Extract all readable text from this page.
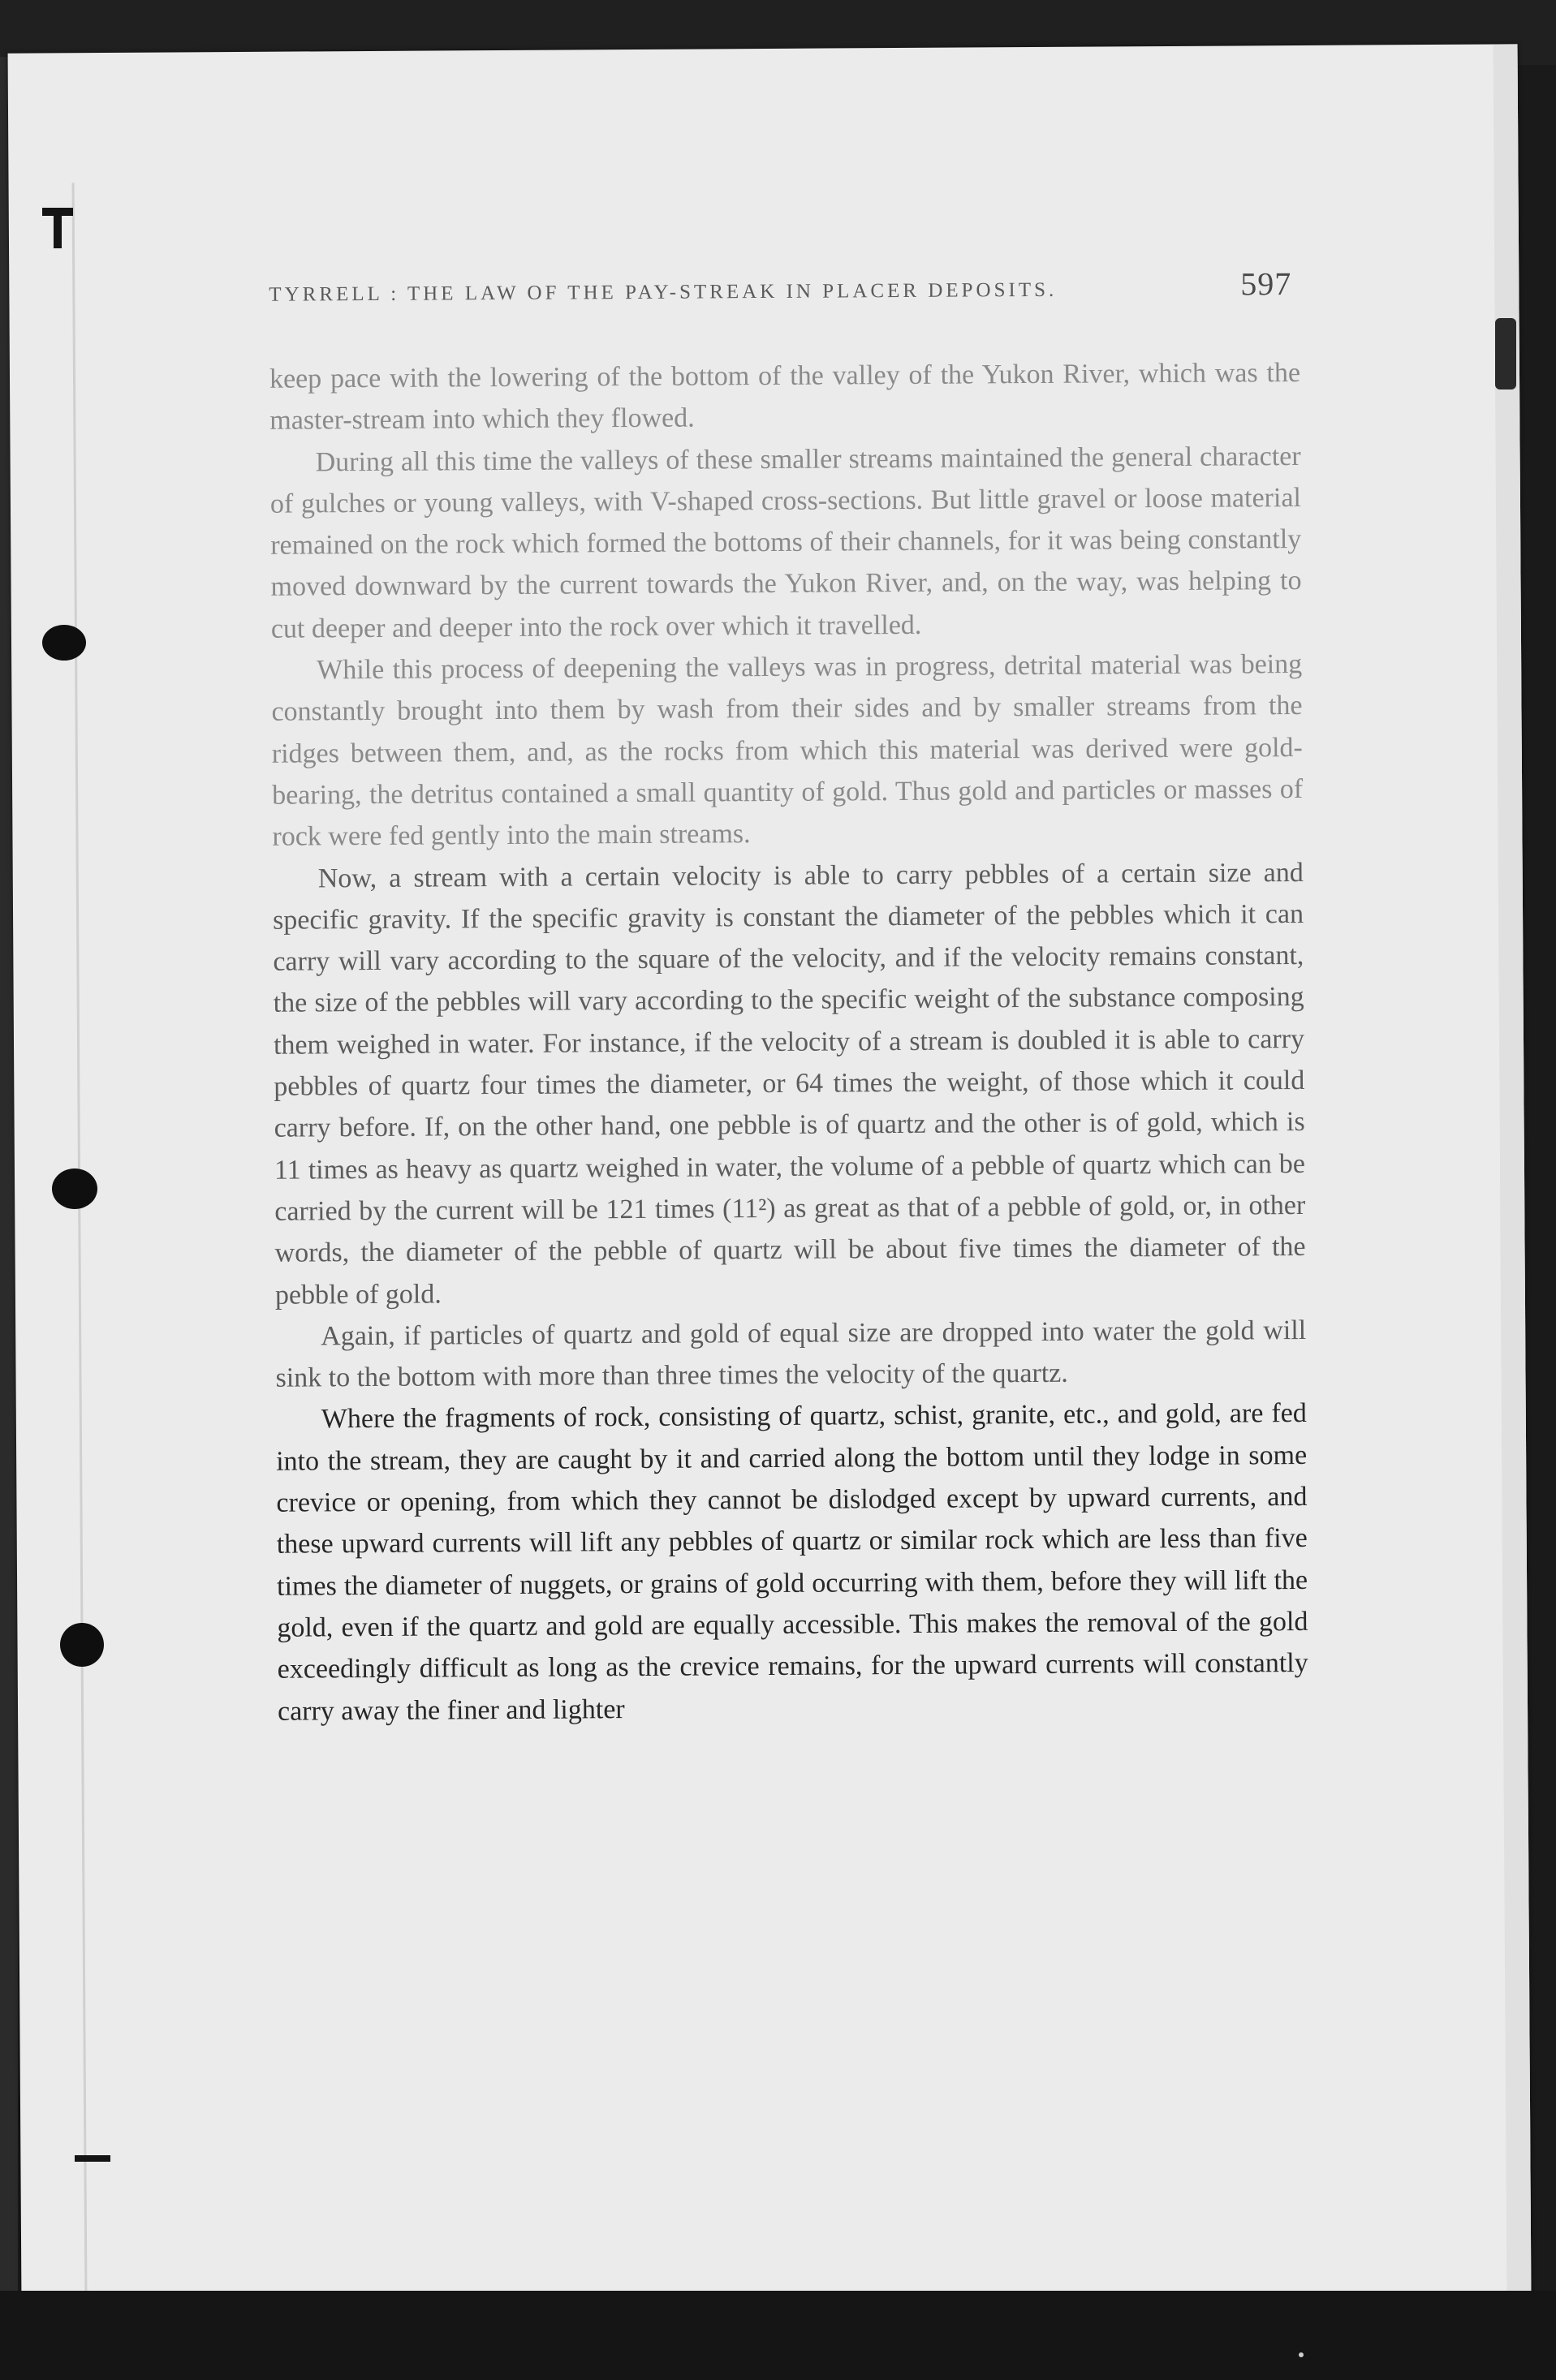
TYRRELL : THE LAW OF THE PAY-STREAK IN PLACER DEPOSITS.	597

keep pace with the lowering of the bottom of the valley of the Yukon River, which was the master-stream into which they flowed.

During all this time the valleys of these smaller streams maintained the general character of gulches or young valleys, with V-shaped cross-sections. But little gravel or loose material remained on the rock which formed the bottoms of their channels, for it was being constantly moved downward by the current towards the Yukon River, and, on the way, was helping to cut deeper and deeper into the rock over which it travelled.

While this process of deepening the valleys was in progress, detrital material was being constantly brought into them by wash from their sides and by smaller streams from the ridges between them, and, as the rocks from which this material was derived were gold-bearing, the detritus contained a small quantity of gold. Thus gold and particles or masses of rock were fed gently into the main streams.

Now, a stream with a certain velocity is able to carry pebbles of a certain size and specific gravity. If the specific gravity is constant the diameter of the pebbles which it can carry will vary according to the square of the velocity, and if the velocity remains constant, the size of the pebbles will vary according to the specific weight of the substance composing them weighed in water. For instance, if the velocity of a stream is doubled it is able to carry pebbles of quartz four times the diameter, or 64 times the weight, of those which it could carry before. If, on the other hand, one pebble is of quartz and the other is of gold, which is 11 times as heavy as quartz weighed in water, the volume of a pebble of quartz which can be carried by the current will be 121 times (11²) as great as that of a pebble of gold, or, in other words, the diameter of the pebble of quartz will be about five times the diameter of the pebble of gold.

Again, if particles of quartz and gold of equal size are dropped into water the gold will sink to the bottom with more than three times the velocity of the quartz.

Where the fragments of rock, consisting of quartz, schist, granite, etc., and gold, are fed into the stream, they are caught by it and carried along the bottom until they lodge in some crevice or opening, from which they cannot be dislodged except by upward currents, and these upward currents will lift any pebbles of quartz or similar rock which are less than five times the diameter of nuggets, or grains of gold occurring with them, before they will lift the gold, even if the quartz and gold are equally accessible. This makes the removal of the gold exceedingly difficult as long as the crevice remains, for the upward currents will constantly carry away the finer and lighter
